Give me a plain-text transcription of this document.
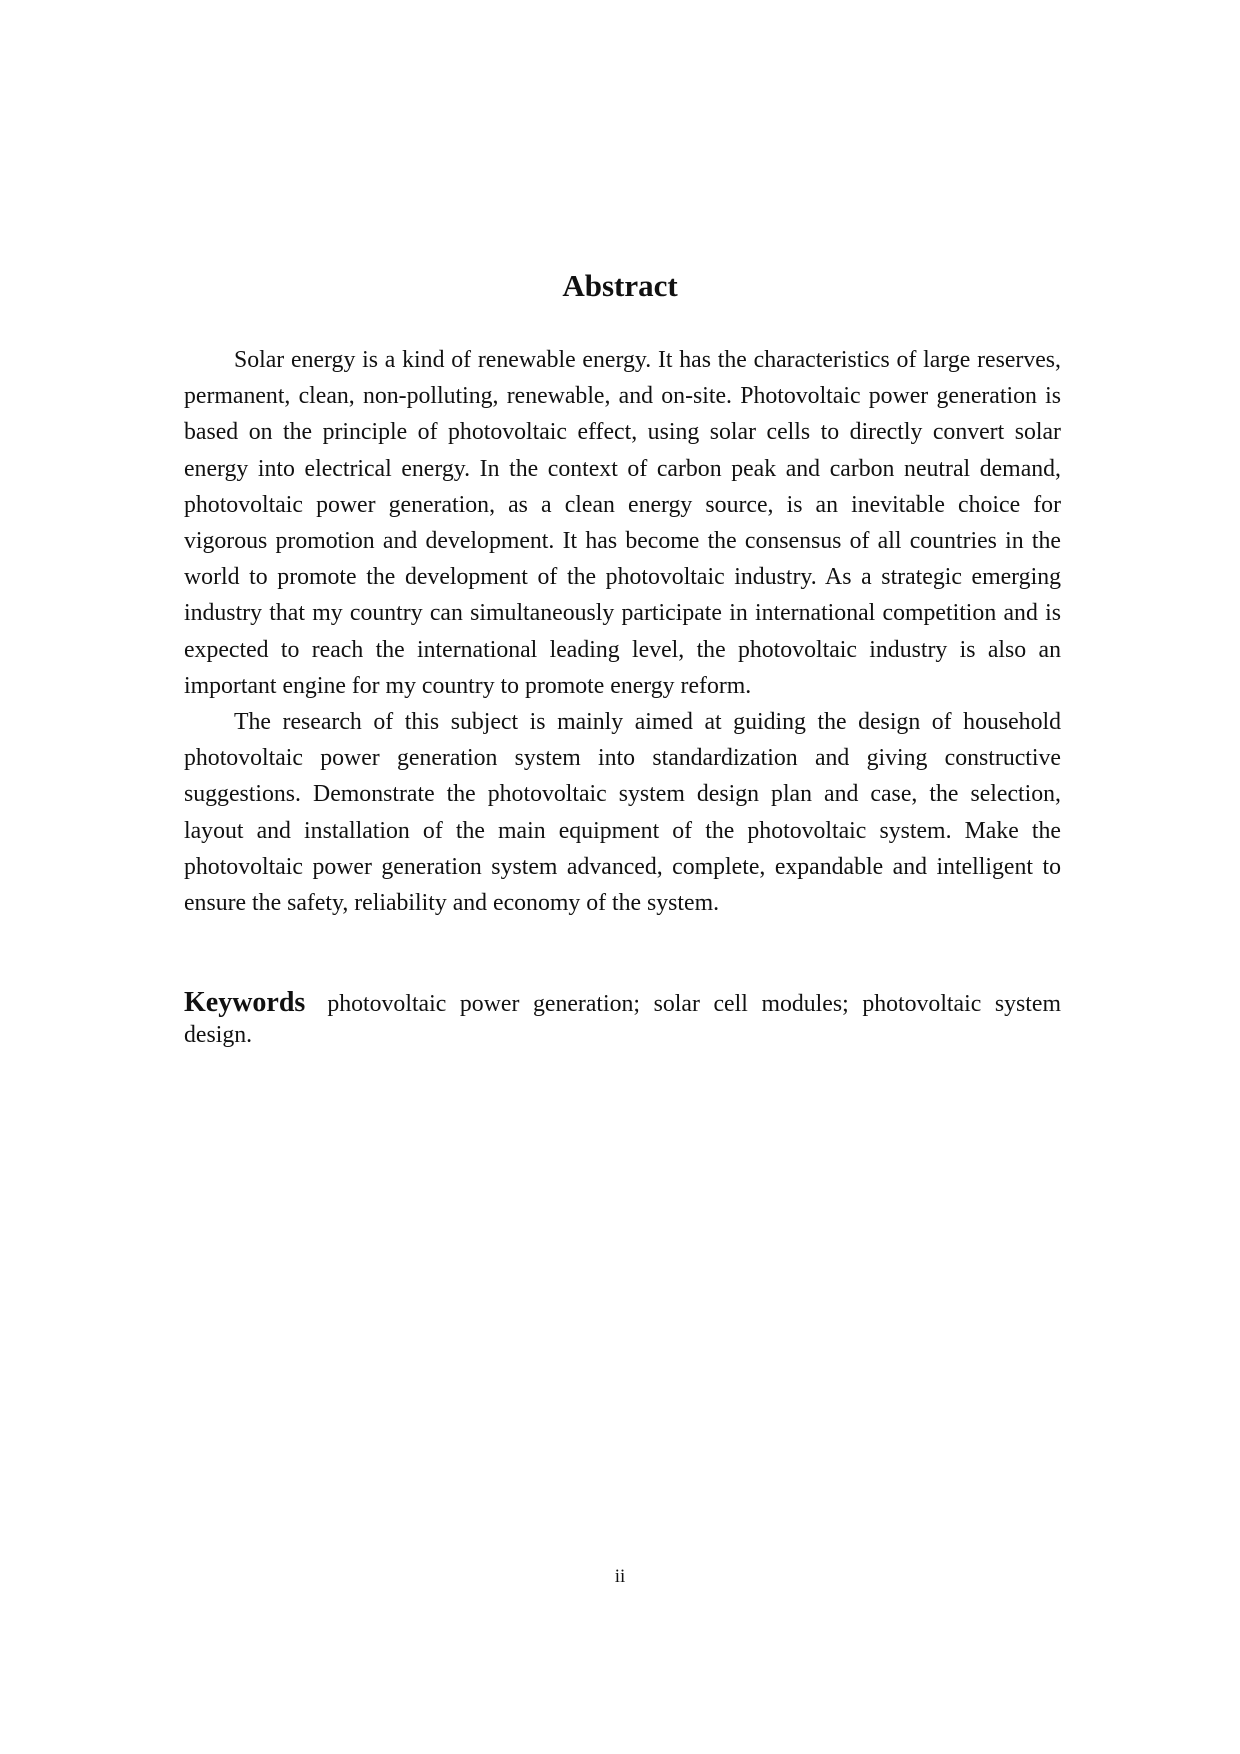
Abstract

Solar energy is a kind of renewable energy. It has the characteristics of large reserves, permanent, clean, non-polluting, renewable, and on-site. Photovoltaic power generation is based on the principle of photovoltaic effect, using solar cells to directly convert solar energy into electrical energy. In the context of carbon peak and carbon neutral demand, photovoltaic power generation, as a clean energy source, is an inevitable choice for vigorous promotion and development. It has become the consensus of all countries in the world to promote the development of the photovoltaic industry. As a strategic emerging industry that my country can simultaneously participate in international competition and is expected to reach the international leading level, the photovoltaic industry is also an important engine for my country to promote energy reform.

The research of this subject is mainly aimed at guiding the design of household photovoltaic power generation system into standardization and giving constructive suggestions. Demonstrate the photovoltaic system design plan and case, the selection, layout and installation of the main equipment of the photovoltaic system. Make the photovoltaic power generation system advanced, complete, expandable and intelligent to ensure the safety, reliability and economy of the system.

Keywords photovoltaic power generation; solar cell modules; photovoltaic system design.
ii
